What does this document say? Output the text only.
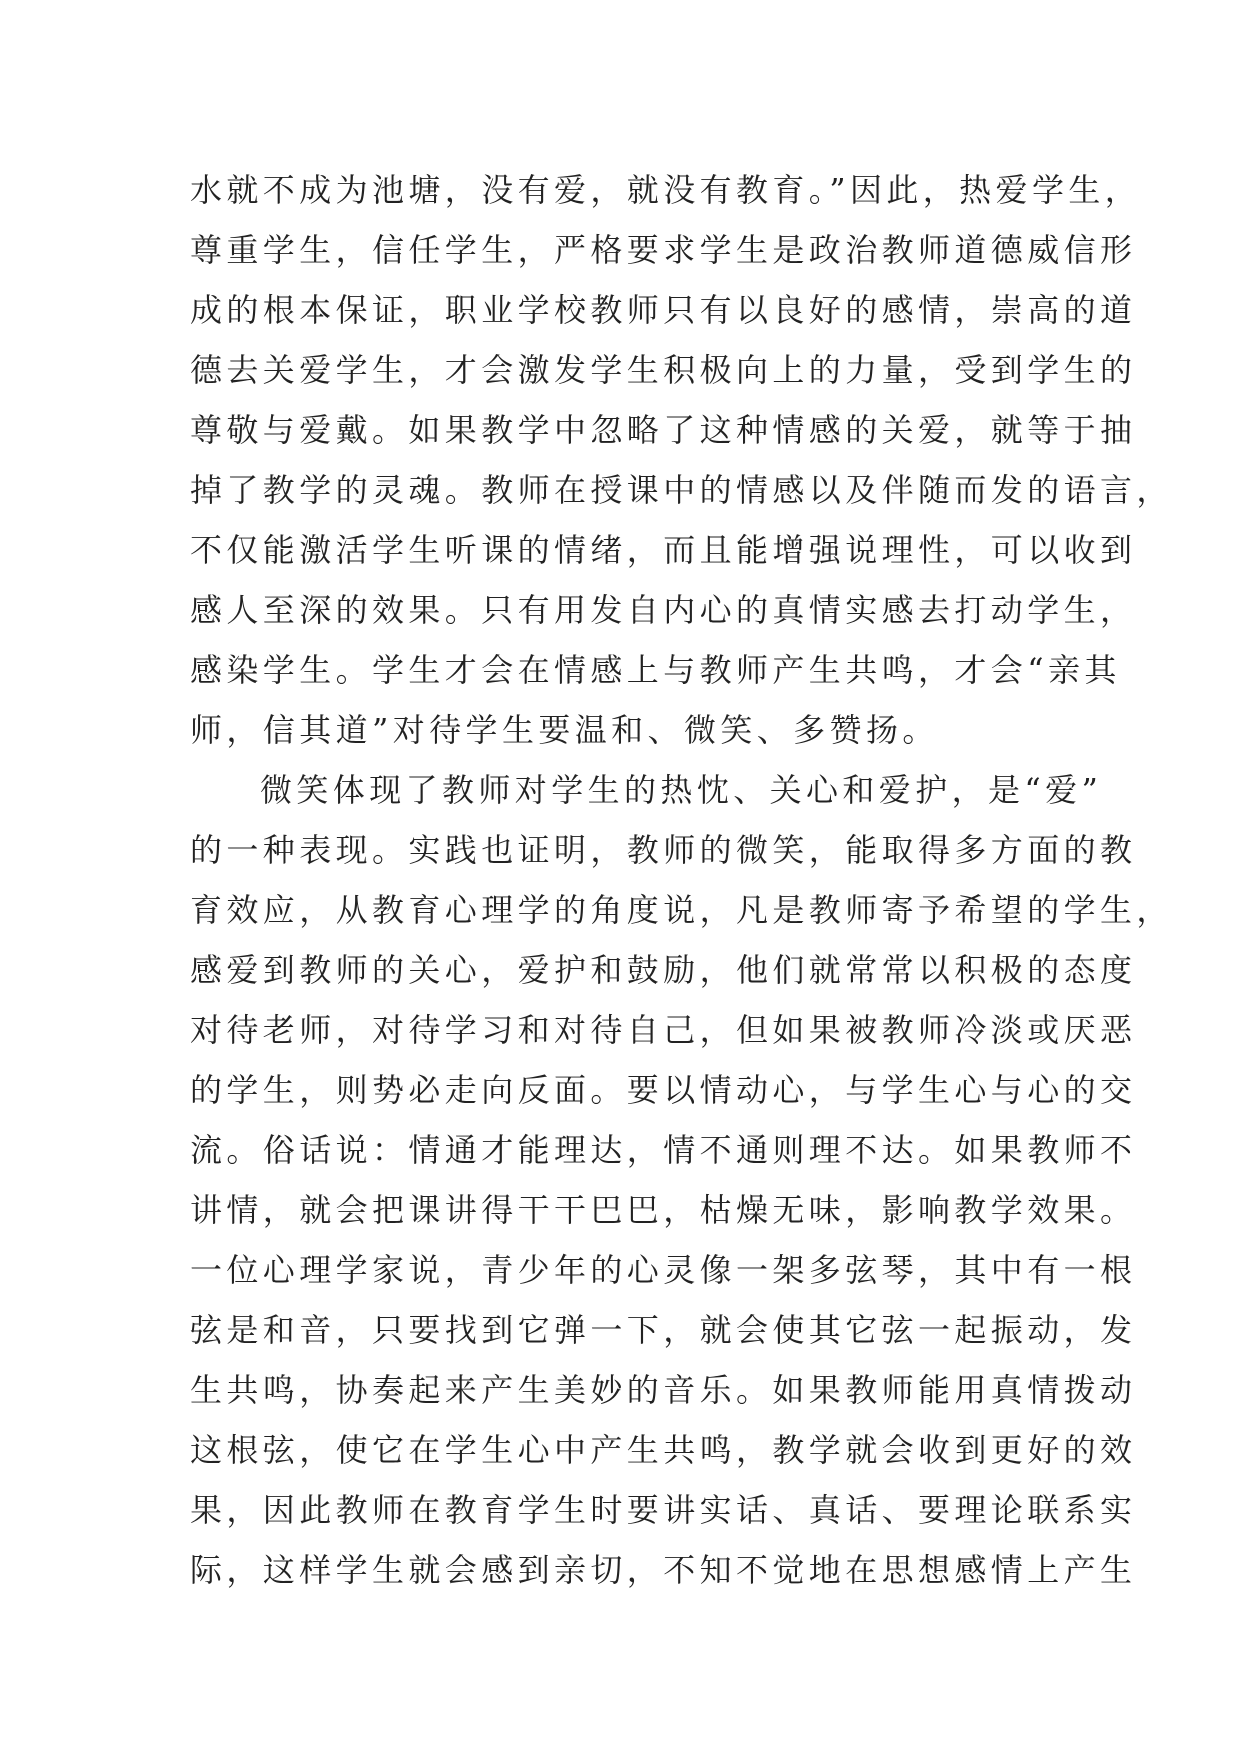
水就不成为池塘，没有爱，就没有教育。”因此，热爱学生，
尊重学生，信任学生，严格要求学生是政治教师道德威信形
成的根本保证，职业学校教师只有以良好的感情，崇高的道
德去关爱学生，才会激发学生积极向上的力量，受到学生的
尊敬与爱戴。如果教学中忽略了这种情感的关爱，就等于抽
掉了教学的灵魂。教师在授课中的情感以及伴随而发的语言，
不仅能激活学生听课的情绪，而且能增强说理性，可以收到
感人至深的效果。只有用发自内心的真情实感去打动学生，
感染学生。学生才会在情感上与教师产生共鸣，才会“亲其
师，信其道”对待学生要温和、微笑、多赞扬。
微笑体现了教师对学生的热忱、关心和爱护，是“爱”
的一种表现。实践也证明，教师的微笑，能取得多方面的教
育效应，从教育心理学的角度说，凡是教师寄予希望的学生，
感爱到教师的关心，爱护和鼓励，他们就常常以积极的态度
对待老师，对待学习和对待自己，但如果被教师冷淡或厌恶
的学生，则势必走向反面。要以情动心，与学生心与心的交
流。俗话说：情通才能理达，情不通则理不达。如果教师不
讲情，就会把课讲得干干巴巴，枯燥无味，影响教学效果。
一位心理学家说，青少年的心灵像一架多弦琴，其中有一根
弦是和音，只要找到它弹一下，就会使其它弦一起振动，发
生共鸣，协奏起来产生美妙的音乐。如果教师能用真情拨动
这根弦，使它在学生心中产生共鸣，教学就会收到更好的效
果，因此教师在教育学生时要讲实话、真话、要理论联系实
际，这样学生就会感到亲切，不知不觉地在思想感情上产生
